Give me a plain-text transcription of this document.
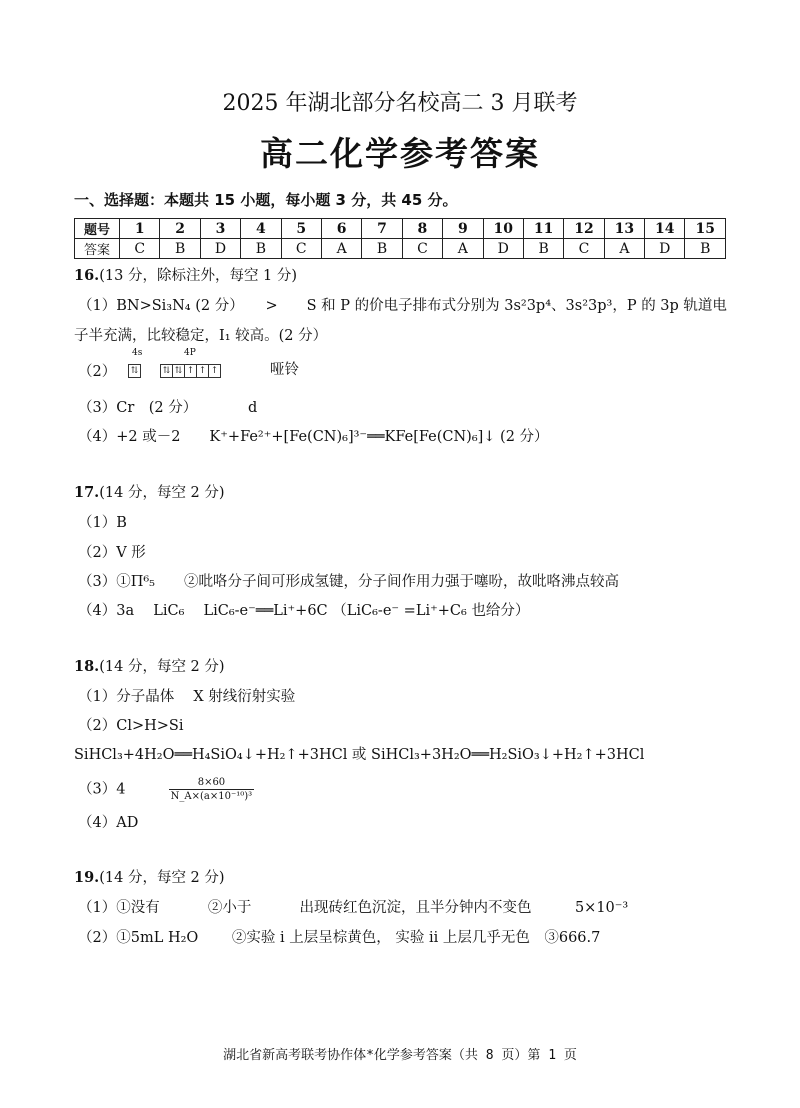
2025 年湖北部分名校高二 3 月联考
高二化学参考答案
一、选择题：本题共 15 小题，每小题 3 分，共 45 分。
题号	1	2	3	4	5	6	7	8	9	10	11	12	13	14	15
答案	C	B	D	B	C	A	B	C	A	D	B	C	A	D	B
16.(13 分，除标注外，每空 1 分)
（1）BN>Si₃N₄ (2 分）　　>　　S 和 P 的价电子排布式分别为 3s²3p⁴、3s²3p³，P 的 3p 轨道电
子半充满，比较稳定，I₁ 较高。(2 分）
（2）
4s	4P
⇅	⇅ ⇅ ↑ ↑ ↑	哑铃
（3）Cr　(2 分）　　　　d
（4）+2 或－2　　K⁺+Fe²⁺+[Fe(CN)₆]³⁻══KFe[Fe(CN)₆]↓ (2 分）
17.(14 分，每空 2 分)
（1）B
（2）V 形
（3）①Π⁶₅　　②吡咯分子间可形成氢键，分子间作用力强于噻吩，故吡咯沸点较高
（4）3a　 LiC₆　 LiC₆-e⁻══Li⁺+6C （LiC₆-e⁻ =Li⁺+C₆ 也给分）
18.(14 分，每空 2 分)
（1）分子晶体　 X 射线衍射实验
（2）Cl>H>Si
SiHCl₃+4H₂O══H₄SiO₄↓+H₂↑+3HCl 或 SiHCl₃+3H₂O══H₂SiO₃↓+H₂↑+3HCl
（3）4	$\frac{8\times 60}{\text{N\_A×(a×10⁻¹⁰)³}}$
（4）AD
19.(14 分，每空 2 分)
（1）①没有　　　 ②小于　　　 出现砖红色沉淀，且半分钟内不变色　　　5×10⁻³
（2）①5mL H₂O　　 ②实验 i 上层呈棕黄色， 实验 ii 上层几乎无色　③666.7
湖北省新高考联考协作体*化学参考答案（共 8 页）第 1 页
